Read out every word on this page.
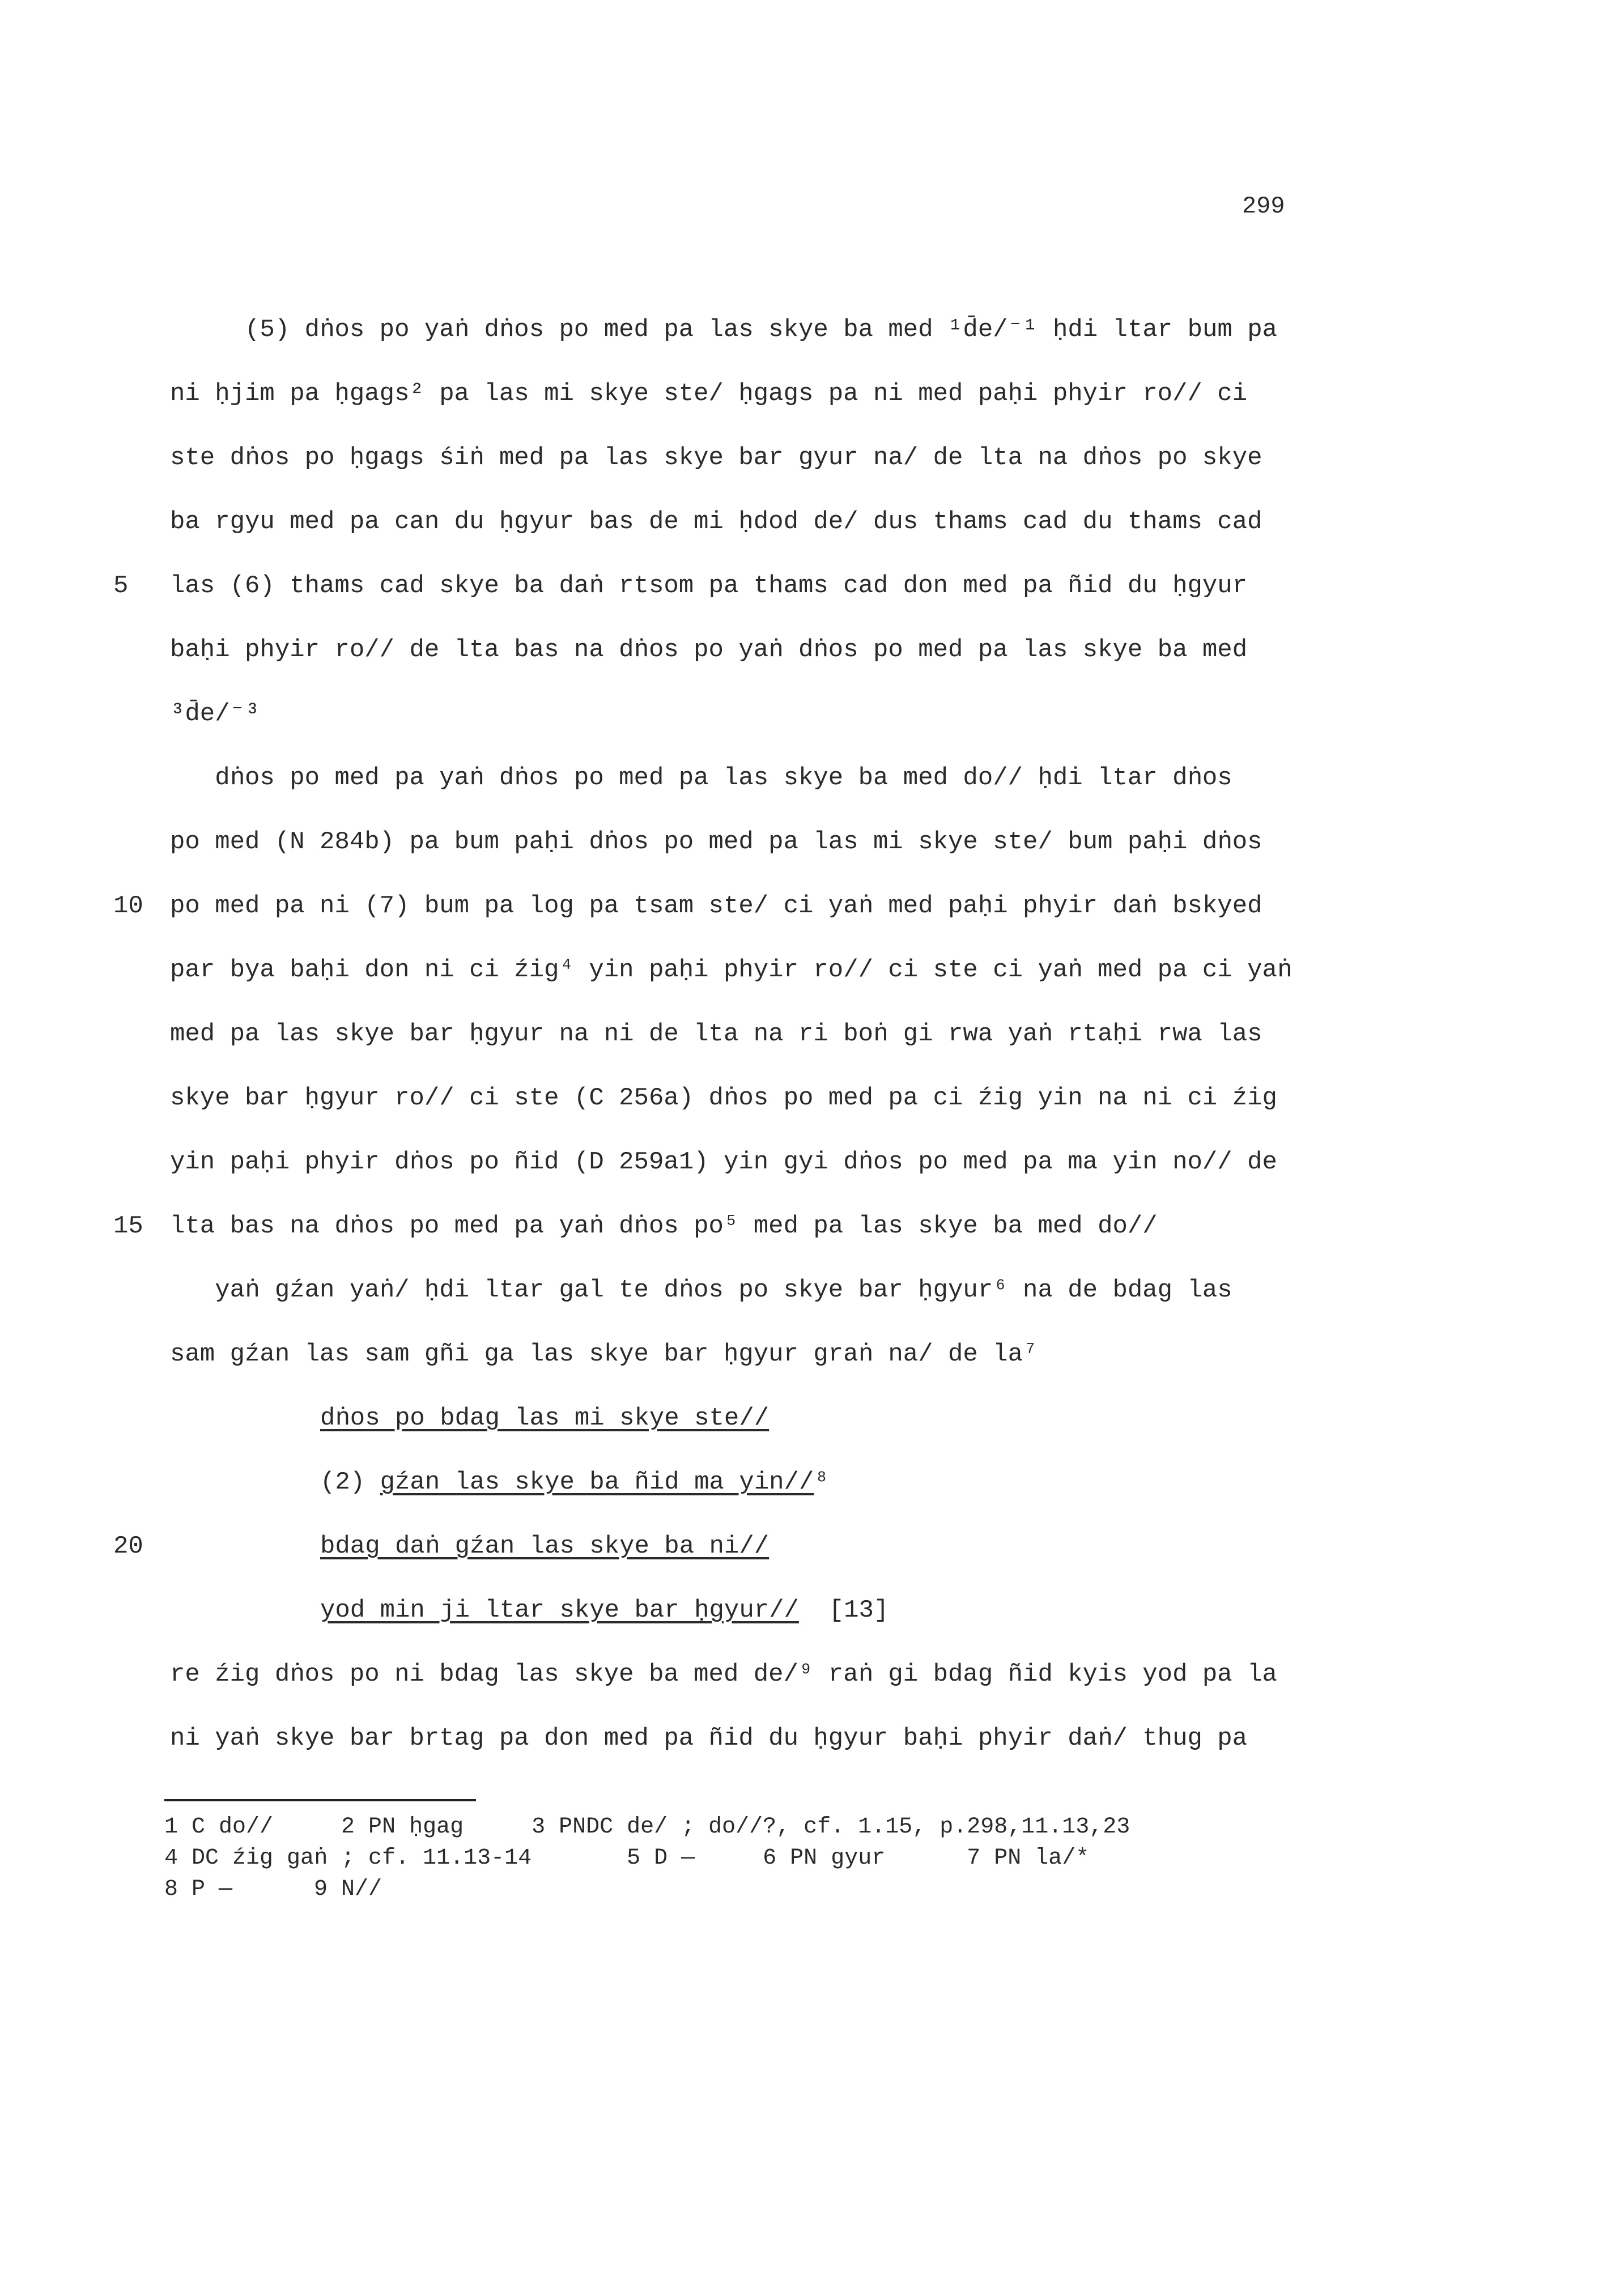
299
(5) dṅos po yaṅ dṅos po med pa las skye ba med ¹d̄e/⁻¹ ḥdi ltar bum pa
ni ḥjim pa ḥgags² pa las mi skye ste/ ḥgags pa ni med paḥi phyir ro// ci
ste dṅos po ḥgags śiṅ med pa las skye bar gyur na/ de lta na dṅos po skye
ba rgyu med pa can du ḥgyur bas de mi ḥdod de/ dus thams cad du thams cad
las (6) thams cad skye ba daṅ rtsom pa thams cad don med pa ñid du ḥgyur
5
baḥi phyir ro// de lta bas na dṅos po yaṅ dṅos po med pa las skye ba med
³d̄e/⁻³
dṅos po med pa yaṅ dṅos po med pa las skye ba med do// ḥdi ltar dṅos
po med (N 284b) pa bum paḥi dṅos po med pa las mi skye ste/ bum paḥi dṅos
po med pa ni (7) bum pa log pa tsam ste/ ci yaṅ med paḥi phyir daṅ bskyed
10
par bya baḥi don ni ci źig⁴ yin paḥi phyir ro// ci ste ci yaṅ med pa ci yaṅ
med pa las skye bar ḥgyur na ni de lta na ri boṅ gi rwa yaṅ rtaḥi rwa las
skye bar ḥgyur ro// ci ste (C 256a) dṅos po med pa ci źig yin na ni ci źig
yin paḥi phyir dṅos po ñid (D 259a1) yin gyi dṅos po med pa ma yin no// de
lta bas na dṅos po med pa yaṅ dṅos po⁵ med pa las skye ba med do//
15
yaṅ gźan yaṅ/ ḥdi ltar gal te dṅos po skye bar ḥgyur⁶ na de bdag las
sam gźan las sam gñi ga las skye bar ḥgyur graṅ na/ de la⁷
dṅos po bdag las mi skye ste//
(2) gźan las skye ba ñid ma yin//⁸
bdag daṅ gźan las skye ba ni//
20
yod min ji ltar skye bar ḥgyur//  [13]
re źig dṅos po ni bdag las skye ba med de/⁹ raṅ gi bdag ñid kyis yod pa la
ni yaṅ skye bar brtag pa don med pa ñid du ḥgyur baḥi phyir daṅ/ thug pa
1 C do//     2 PN ḥgag     3 PNDC de/ ; do//?, cf. 1.15, p.298,11.13,23
4 DC źig gaṅ ; cf. 11.13-14       5 D —     6 PN gyur      7 PN la/*
8 P —      9 N//
